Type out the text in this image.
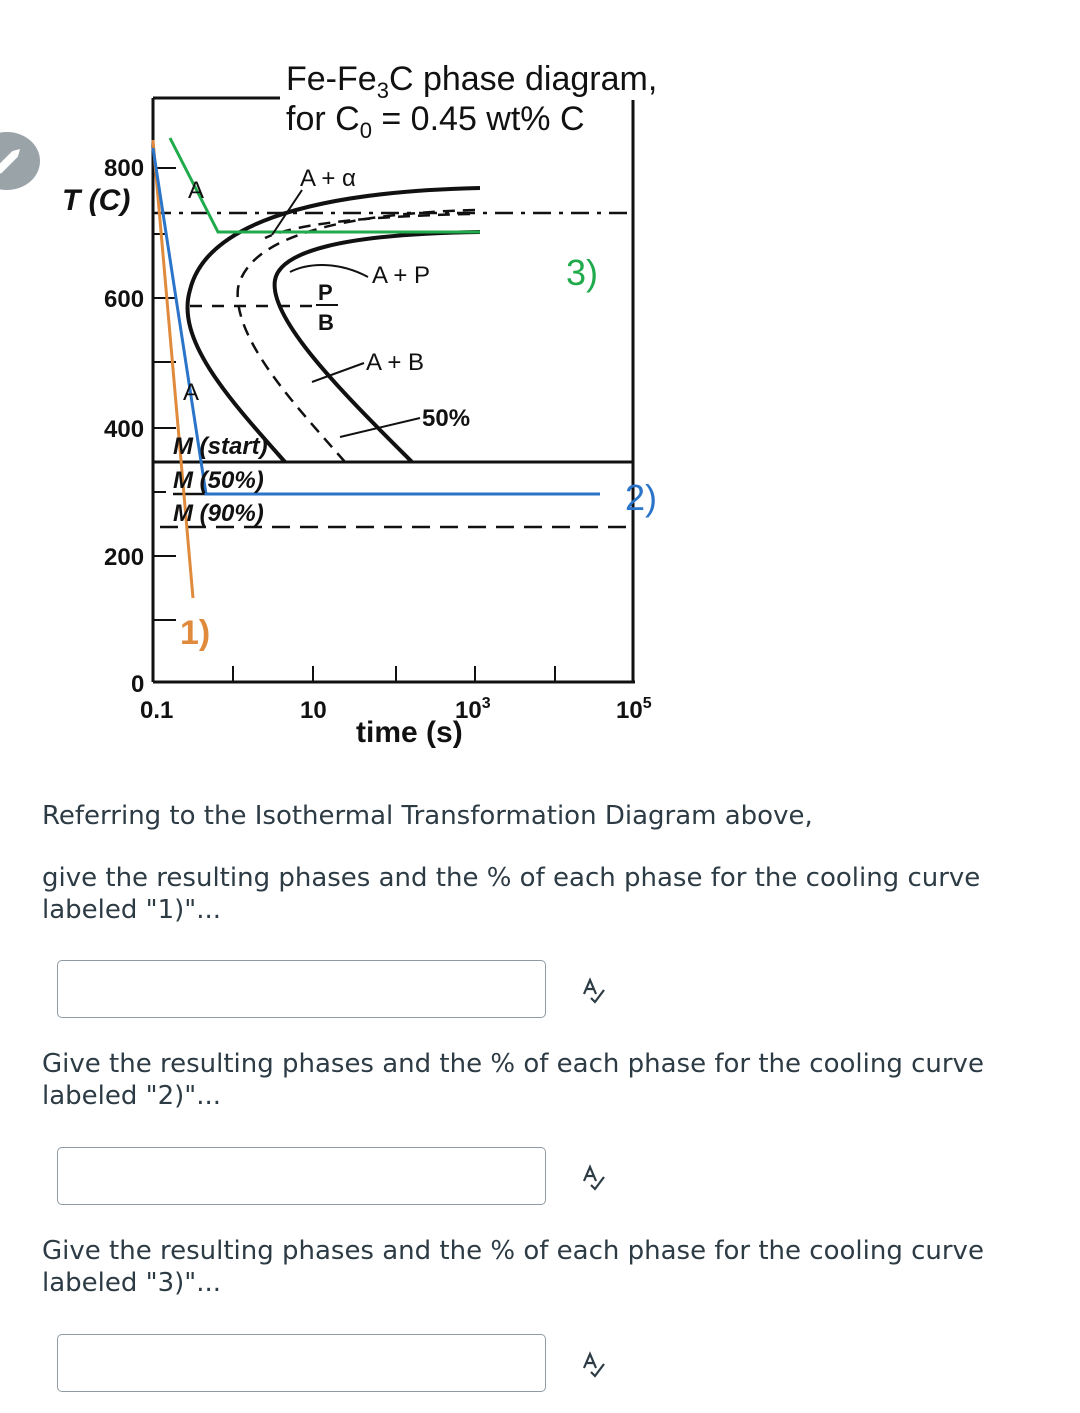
800
600
400
200
0
T (C)
0.1	10	$10^3$	$10^5$
time (s)
$Fe-Fe_3C$ phase diagram,
for $C_0 = 0.45$ wt% C
A + α
A
A + P
P
B
A + B
A
50%
M (start)
M (50%)
M (90%)
1)
2)
3)

Referring to the Isothermal Transformation Diagram above,

give the resulting phases and the % of each phase for the cooling curve labeled "1)"...

Give the resulting phases and the % of each phase for the cooling curve labeled "2)"...

Give the resulting phases and the % of each phase for the cooling curve labeled "3)"...
